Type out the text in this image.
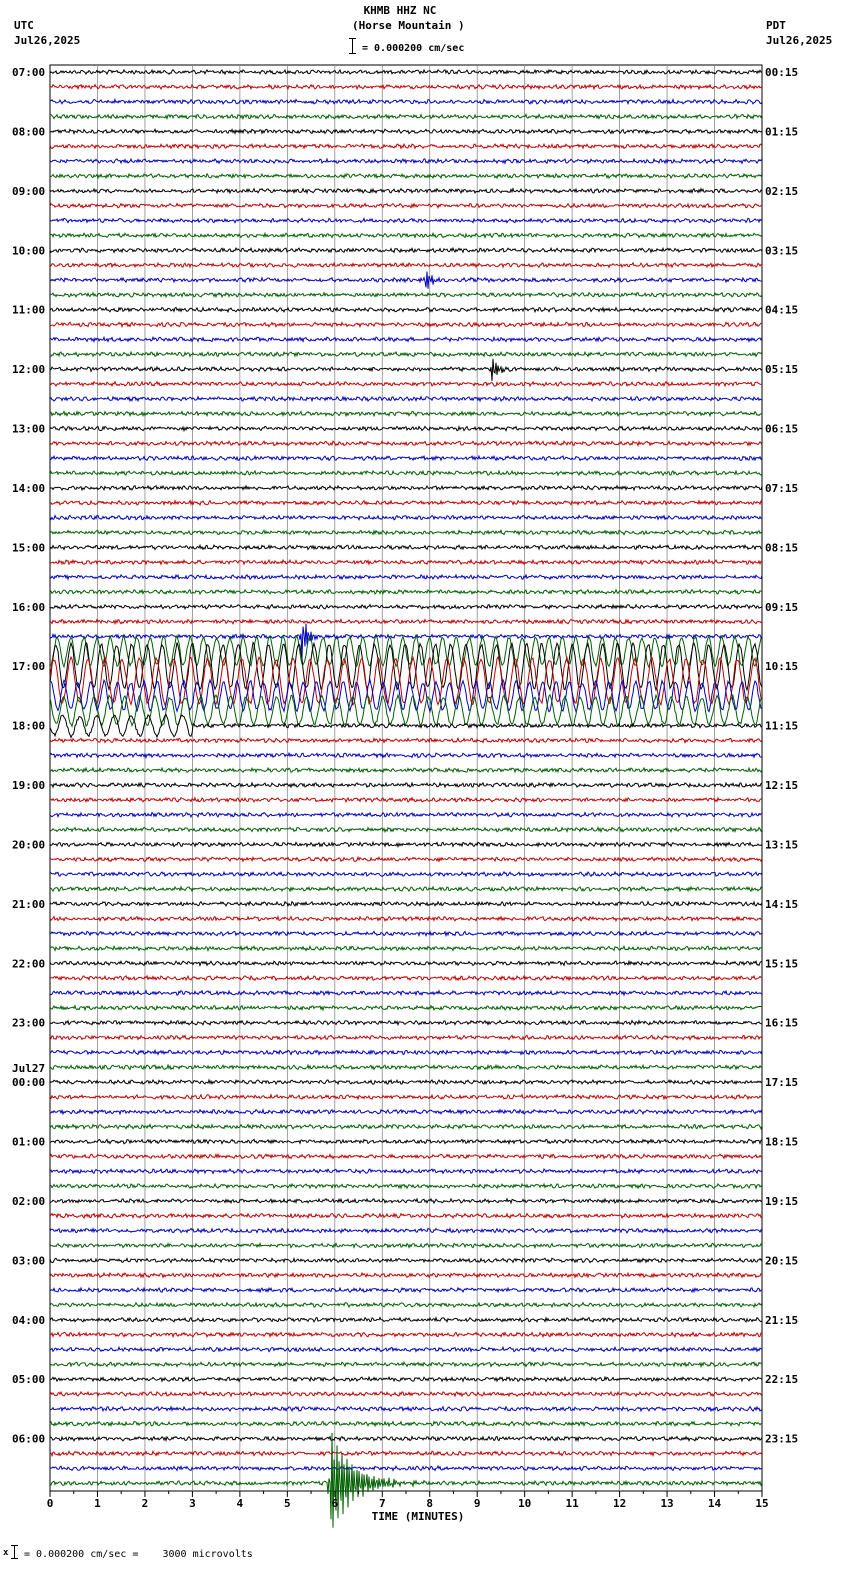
KHMB HHZ NC
(Horse Mountain )
= 0.000200 cm/sec
UTC
Jul26,2025
PDT
Jul26,2025
07:00	00:15
08:00	01:15
09:00	02:15
10:00	03:15
11:00	04:15
12:00	05:15
13:00	06:15
14:00	07:15
15:00	08:15
16:00	09:15
17:00	10:15
18:00	11:15
19:00	12:15
20:00	13:15
21:00	14:15
22:00	15:15
23:00	16:15
00:00	17:15
01:00	18:15
02:00	19:15
03:00	20:15
04:00	21:15
05:00	22:15
06:00	23:15
Jul27
0	1	2	3	4	5	6	7	8	9	10	11	12	13	14	15
TIME (MINUTES)
x = 0.000200 cm/sec =    3000 microvolts
